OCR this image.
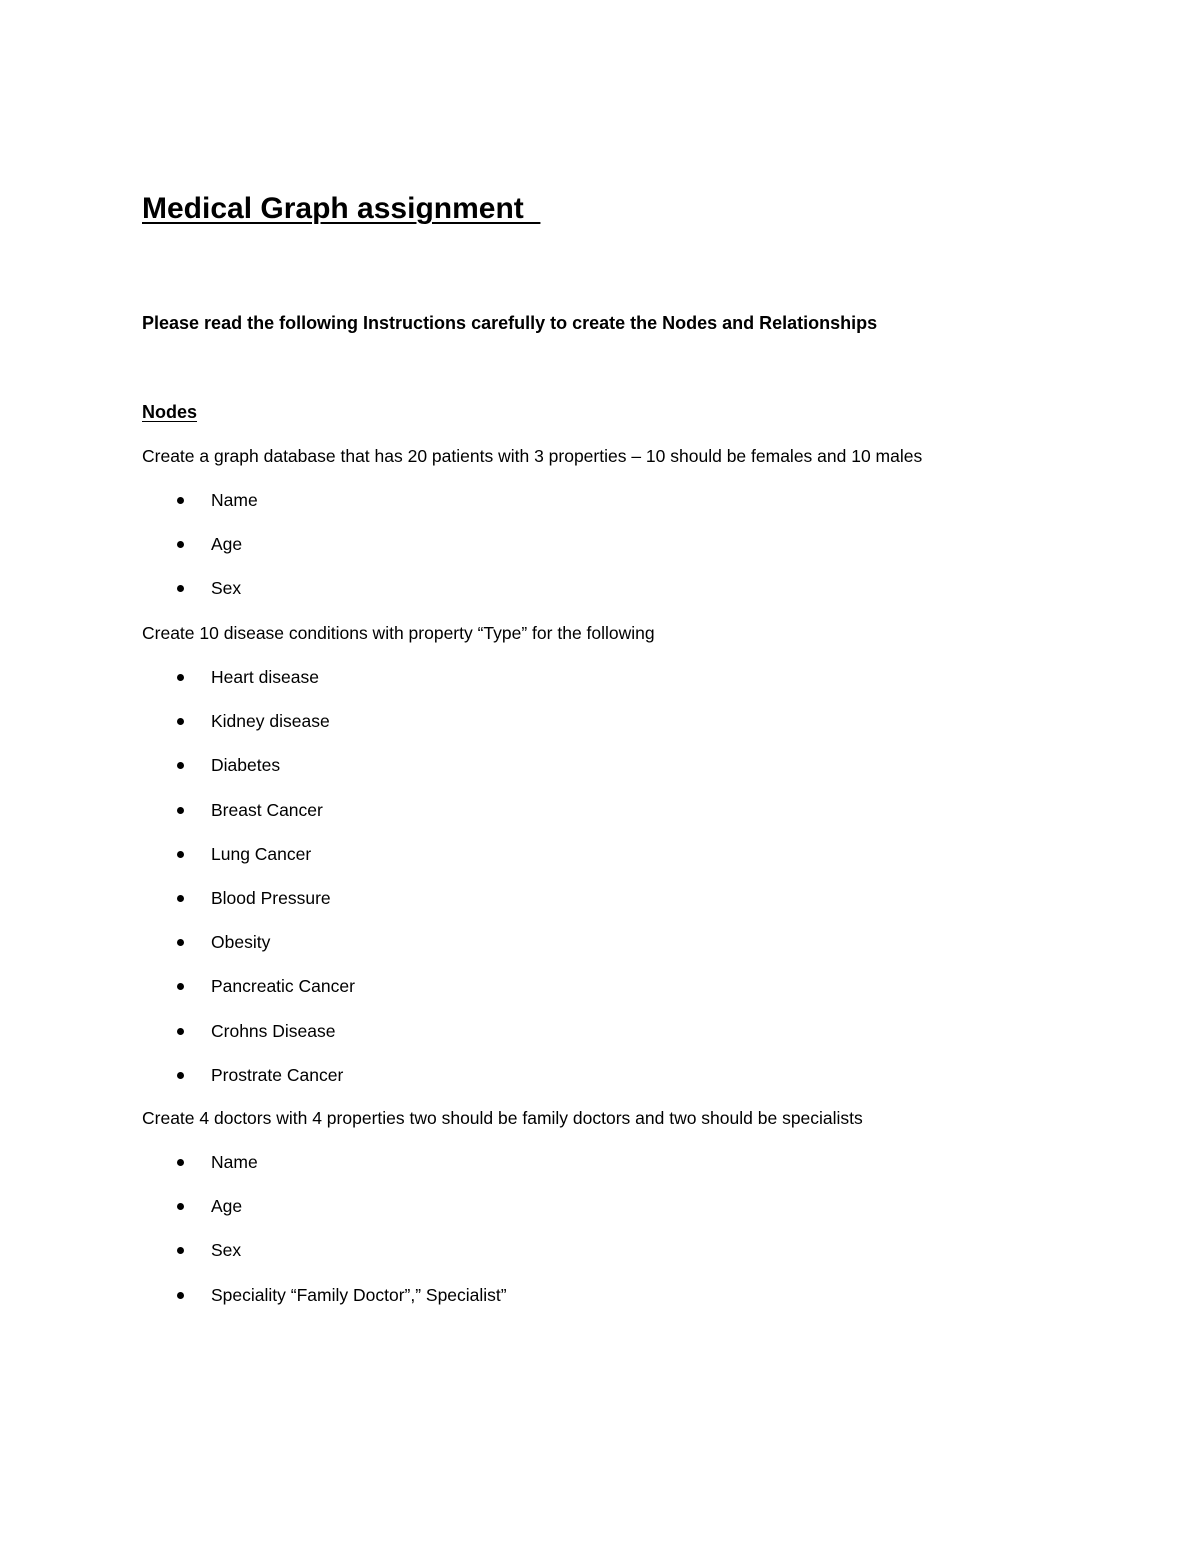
Medical Graph assignment

Please read the following Instructions carefully to create the Nodes and Relationships

Nodes

Create a graph database that has 20 patients with 3 properties – 10 should be females and 10 males

Name
Age
Sex

Create 10 disease conditions with property “Type” for the following

Heart disease
Kidney disease
Diabetes
Breast Cancer
Lung Cancer
Blood Pressure
Obesity
Pancreatic Cancer
Crohns Disease
Prostrate Cancer

Create 4 doctors with 4 properties two should be family doctors and two should be specialists

Name
Age
Sex
Speciality “Family Doctor”,” Specialist”
